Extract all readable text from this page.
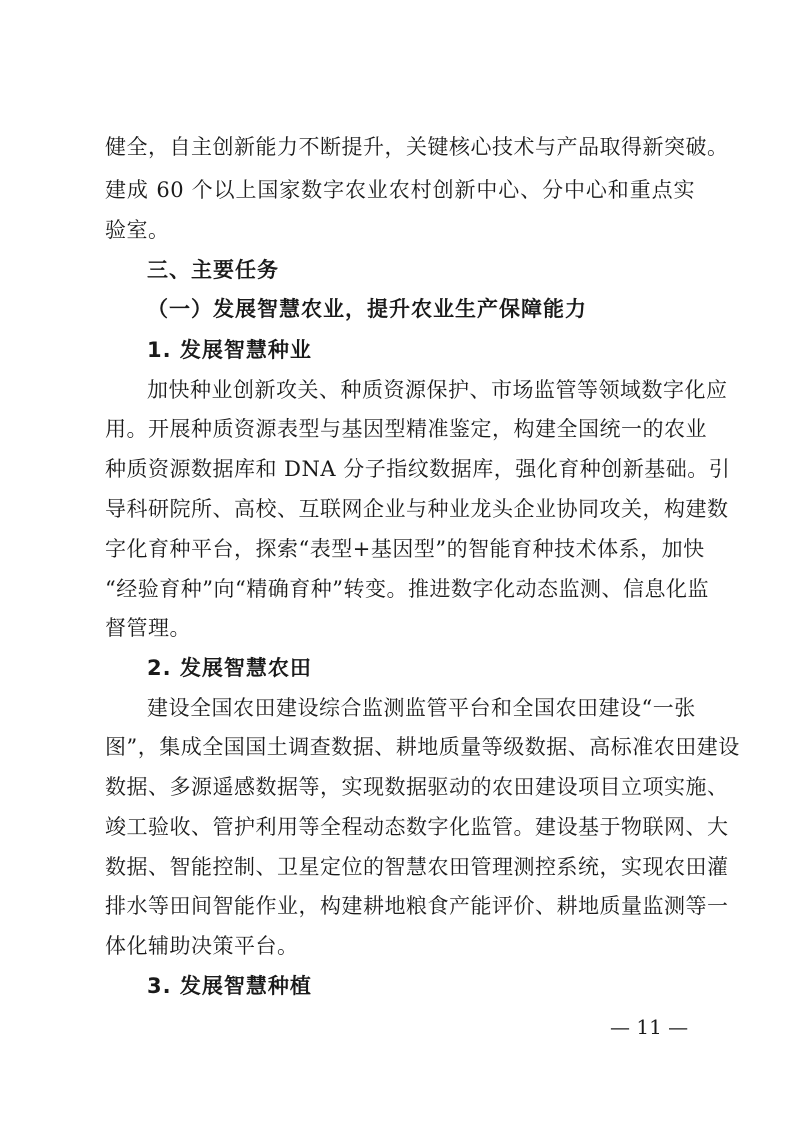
健全，自主创新能力不断提升，关键核心技术与产品取得新突破。
建成 60 个以上国家数字农业农村创新中心、分中心和重点实
验室。
三、主要任务
（一）发展智慧农业，提升农业生产保障能力
1. 发展智慧种业
加快种业创新攻关、种质资源保护、市场监管等领域数字化应
用。开展种质资源表型与基因型精准鉴定，构建全国统一的农业
种质资源数据库和 DNA 分子指纹数据库，强化育种创新基础。引
导科研院所、高校、互联网企业与种业龙头企业协同攻关，构建数
字化育种平台，探索“表型+基因型”的智能育种技术体系，加快
“经验育种”向“精确育种”转变。推进数字化动态监测、信息化监
督管理。
2. 发展智慧农田
建设全国农田建设综合监测监管平台和全国农田建设“一张
图”，集成全国国土调查数据、耕地质量等级数据、高标准农田建设
数据、多源遥感数据等，实现数据驱动的农田建设项目立项实施、
竣工验收、管护利用等全程动态数字化监管。建设基于物联网、大
数据、智能控制、卫星定位的智慧农田管理测控系统，实现农田灌
排水等田间智能作业，构建耕地粮食产能评价、耕地质量监测等一
体化辅助决策平台。
3. 发展智慧种植
— 11 —
